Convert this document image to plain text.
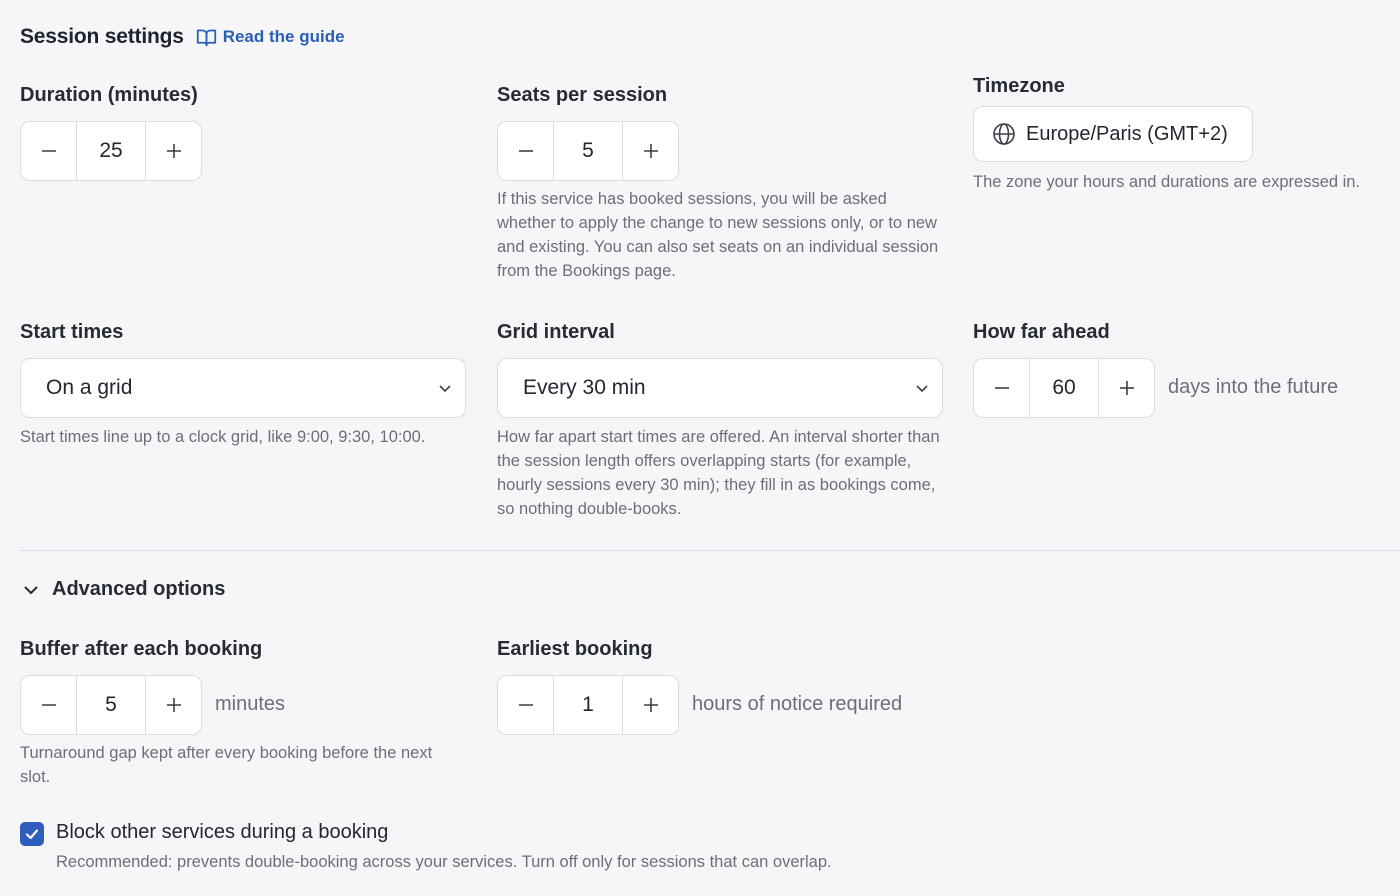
Session settings Read the guide
Duration (minutes)
25	Seats per session
5
If this service has booked sessions, you will be asked whether to apply the change to new sessions only, or to new and existing. You can also set seats on an individual session from the Bookings page.
Timezone
Europe/Paris (GMT+2)
The zone your hours and durations are expressed in.
Start times
On a grid
Start times line up to a clock grid, like 9:00, 9:30, 10:00.
Grid interval
Every 30 min
How far apart start times are offered. An interval shorter than the session length offers overlapping starts (for example, hourly sessions every 30 min); they fill in as bookings come, so nothing double-books.
How far ahead
60
days into the future
Advanced options
Buffer after each booking
5
minutes
Turnaround gap kept after every booking before the next slot.
Earliest booking
1
hours of notice required
Block other services during a booking
Recommended: prevents double-booking across your services. Turn off only for sessions that can overlap.
